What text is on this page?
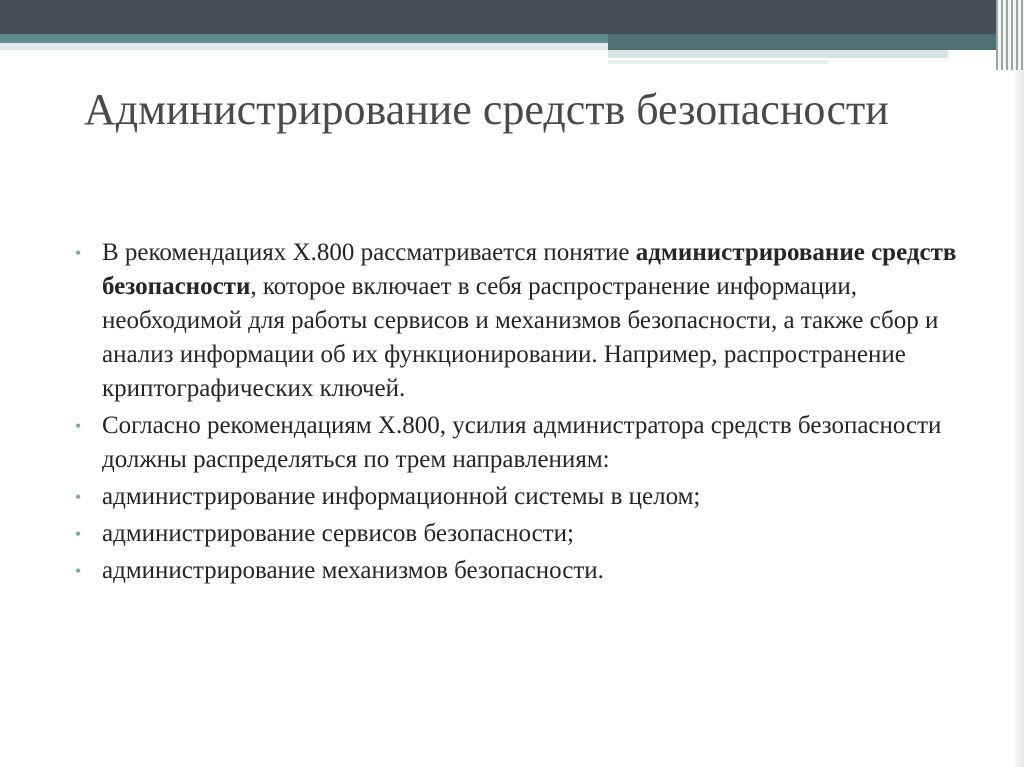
Администрирование средств безопасности
• В рекомендациях Х.800 рассматривается понятие администрирование средств безопасности, которое включает в себя распространение информации, необходимой для работы сервисов и механизмов безопасности, а также сбор и анализ информации об их функционировании. Например, распространение криптографических ключей.
• Согласно рекомендациям Х.800, усилия администратора средств безопасности должны распределяться по трем направлениям:
• администрирование информационной системы в целом;
• администрирование сервисов безопасности;
• администрирование механизмов безопасности.
